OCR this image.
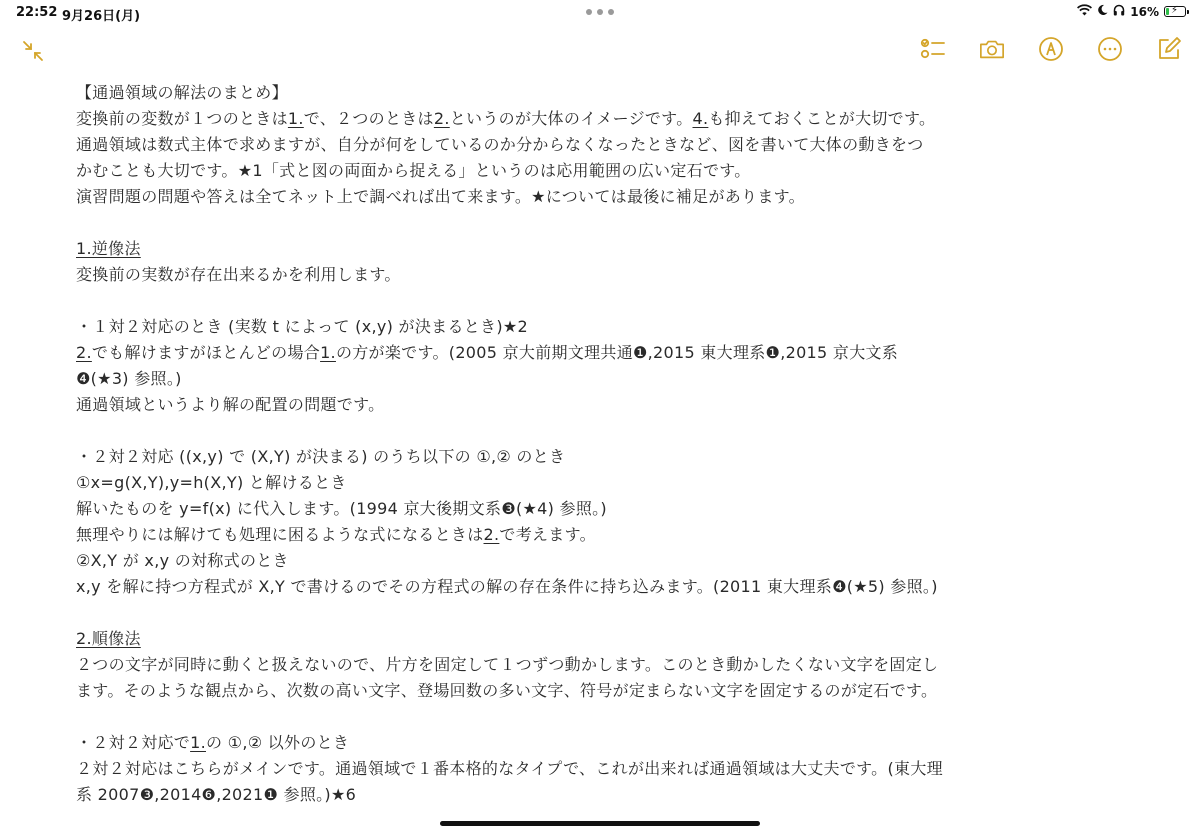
22:52 9月26日(月)	16% ⚡
【通過領域の解法のまとめ】
変換前の変数が１つのときは1.で、２つのときは2.というのが大体のイメージです。4.も抑えておくことが大切です。
通過領域は数式主体で求めますが、自分が何をしているのか分からなくなったときなど、図を書いて大体の動きをつ
かむことも大切です。★1「式と図の両面から捉える」というのは応用範囲の広い定石です。
演習問題の問題や答えは全てネット上で調べれば出て来ます。★については最後に補足があります。
1.逆像法
変換前の実数が存在出来るかを利用します。
・１対２対応のとき (実数 t によって (x,y) が決まるとき)★2
2.でも解けますがほとんどの場合1.の方が楽です。(2005 京大前期文理共通❶,2015 東大理系❶,2015 京大文系
❹(★3) 参照。)
通過領域というより解の配置の問題です。
・２対２対応 ((x,y) で (X,Y) が決まる) のうち以下の ①,② のとき
①x=g(X,Y),y=h(X,Y) と解けるとき
解いたものを y=f(x) に代入します。(1994 京大後期文系❸(★4) 参照。)
無理やりには解けても処理に困るような式になるときは2.で考えます。
②X,Y が x,y の対称式のとき
x,y を解に持つ方程式が X,Y で書けるのでその方程式の解の存在条件に持ち込みます。(2011 東大理系❹(★5) 参照。)
2.順像法
２つの文字が同時に動くと扱えないので、片方を固定して１つずつ動かします。このとき動かしたくない文字を固定し
ます。そのような観点から、次数の高い文字、登場回数の多い文字、符号が定まらない文字を固定するのが定石です。
・２対２対応で1.の ①,② 以外のとき
２対２対応はこちらがメインです。通過領域で１番本格的なタイプで、これが出来れば通過領域は大丈夫です。(東大理
系 2007❸,2014❻,2021❶ 参照。)★6
